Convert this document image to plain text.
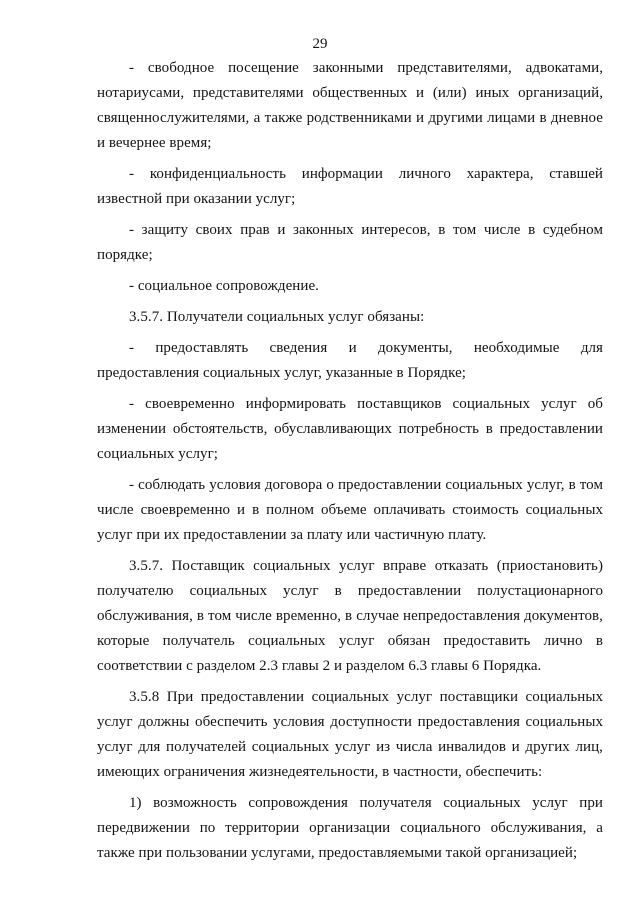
29

- свободное посещение законными представителями, адвокатами, нотариусами, представителями общественных и (или) иных организаций, священнослужителями, а также родственниками и другими лицами в дневное и вечернее время;

- конфиденциальность информации личного характера, ставшей известной при оказании услуг;

- защиту своих прав и законных интересов, в том числе в судебном порядке;

- социальное сопровождение.

3.5.7. Получатели социальных услуг обязаны:

- предоставлять сведения и документы, необходимые для предоставления социальных услуг, указанные в Порядке;

- своевременно информировать поставщиков социальных услуг об изменении обстоятельств, обуславливающих потребность в предоставлении социальных услуг;

- соблюдать условия договора о предоставлении социальных услуг, в том числе своевременно и в полном объеме оплачивать стоимость социальных услуг при их предоставлении за плату или частичную плату.

3.5.7. Поставщик социальных услуг вправе отказать (приостановить) получателю социальных услуг в предоставлении полустационарного обслуживания, в том числе временно, в случае непредоставления документов, которые получатель социальных услуг обязан предоставить лично в соответствии с разделом 2.3 главы 2 и разделом 6.3 главы 6 Порядка.

3.5.8 При предоставлении социальных услуг поставщики социальных услуг должны обеспечить условия доступности предоставления социальных услуг для получателей социальных услуг из числа инвалидов и других лиц, имеющих ограничения жизнедеятельности, в частности, обеспечить:

1) возможность сопровождения получателя социальных услуг при передвижении по территории организации социального обслуживания, а также при пользовании услугами, предоставляемыми такой организацией;
